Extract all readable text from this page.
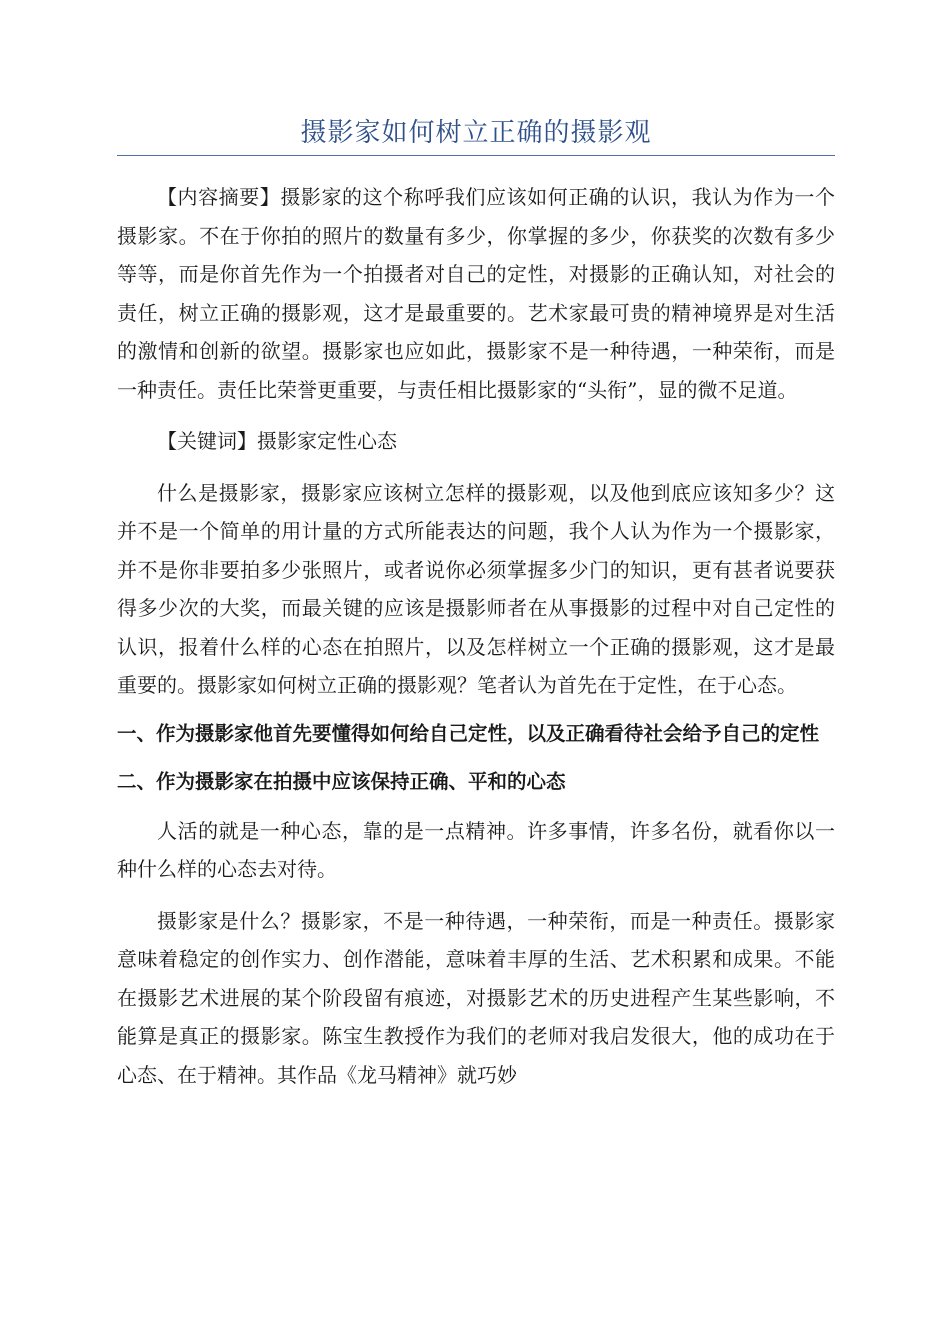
摄影家如何树立正确的摄影观

【内容摘要】摄影家的这个称呼我们应该如何正确的认识，我认为作为一个摄影家。不在于你拍的照片的数量有多少，你掌握的多少，你获奖的次数有多少等等，而是你首先作为一个拍摄者对自己的定性，对摄影的正确认知，对社会的责任，树立正确的摄影观，这才是最重要的。艺术家最可贵的精神境界是对生活的激情和创新的欲望。摄影家也应如此，摄影家不是一种待遇，一种荣衔，而是一种责任。责任比荣誉更重要，与责任相比摄影家的“头衔”，显的微不足道。

【关键词】摄影家定性心态

什么是摄影家，摄影家应该树立怎样的摄影观，以及他到底应该知多少？这并不是一个简单的用计量的方式所能表达的问题，我个人认为作为一个摄影家，并不是你非要拍多少张照片，或者说你必须掌握多少门的知识，更有甚者说要获得多少次的大奖，而最关键的应该是摄影师者在从事摄影的过程中对自己定性的认识，报着什么样的心态在拍照片，以及怎样树立一个正确的摄影观，这才是最重要的。摄影家如何树立正确的摄影观？笔者认为首先在于定性，在于心态。

一、作为摄影家他首先要懂得如何给自己定性，以及正确看待社会给予自己的定性

二、作为摄影家在拍摄中应该保持正确、平和的心态

人活的就是一种心态，靠的是一点精神。许多事情，许多名份，就看你以一种什么样的心态去对待。

摄影家是什么？摄影家，不是一种待遇，一种荣衔，而是一种责任。摄影家意味着稳定的创作实力、创作潜能，意味着丰厚的生活、艺术积累和成果。不能在摄影艺术进展的某个阶段留有痕迹，对摄影艺术的历史进程产生某些影响，不能算是真正的摄影家。陈宝生教授作为我们的老师对我启发很大，他的成功在于心态、在于精神。其作品《龙马精神》就巧妙
